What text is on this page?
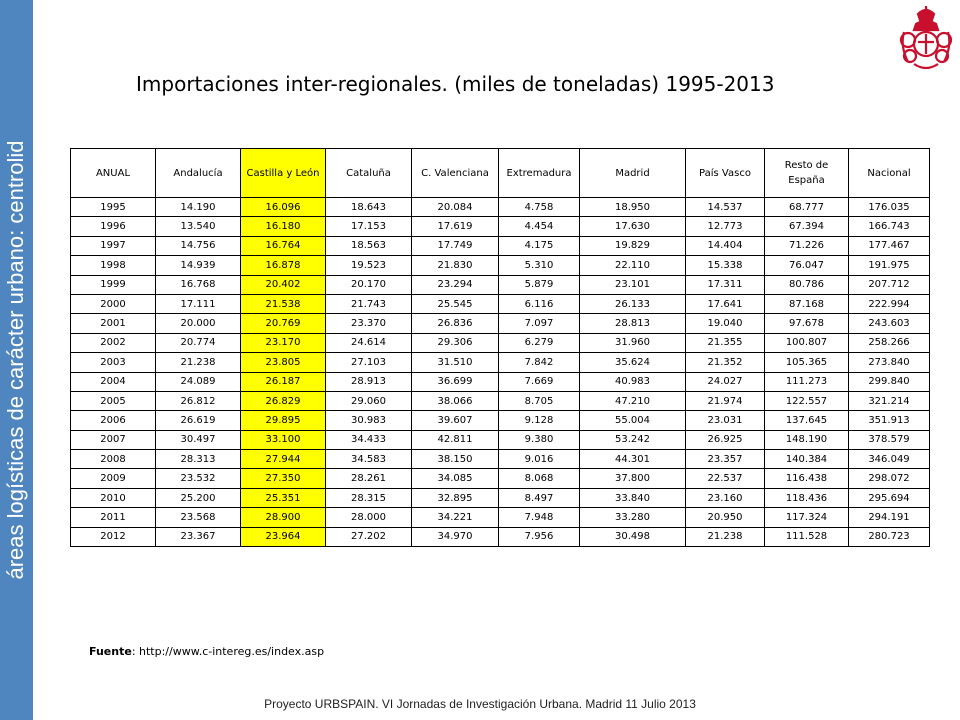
áreas logísticas de carácter urbano: centrolid
Importaciones inter-regionales. (miles de toneladas) 1995-2013
ANUAL	Andalucía	Castilla y León	Cataluña	C. Valenciana	Extremadura	Madrid	País Vasco	Resto de España	Nacional
1995	14.190	16.096	18.643	20.084	4.758	18.950	14.537	68.777	176.035
1996	13.540	16.180	17.153	17.619	4.454	17.630	12.773	67.394	166.743
1997	14.756	16.764	18.563	17.749	4.175	19.829	14.404	71.226	177.467
1998	14.939	16.878	19.523	21.830	5.310	22.110	15.338	76.047	191.975
1999	16.768	20.402	20.170	23.294	5.879	23.101	17.311	80.786	207.712
2000	17.111	21.538	21.743	25.545	6.116	26.133	17.641	87.168	222.994
2001	20.000	20.769	23.370	26.836	7.097	28.813	19.040	97.678	243.603
2002	20.774	23.170	24.614	29.306	6.279	31.960	21.355	100.807	258.266
2003	21.238	23.805	27.103	31.510	7.842	35.624	21.352	105.365	273.840
2004	24.089	26.187	28.913	36.699	7.669	40.983	24.027	111.273	299.840
2005	26.812	26.829	29.060	38.066	8.705	47.210	21.974	122.557	321.214
2006	26.619	29.895	30.983	39.607	9.128	55.004	23.031	137.645	351.913
2007	30.497	33.100	34.433	42.811	9.380	53.242	26.925	148.190	378.579
2008	28.313	27.944	34.583	38.150	9.016	44.301	23.357	140.384	346.049
2009	23.532	27.350	28.261	34.085	8.068	37.800	22.537	116.438	298.072
2010	25.200	25.351	28.315	32.895	8.497	33.840	23.160	118.436	295.694
2011	23.568	28.900	28.000	34.221	7.948	33.280	20.950	117.324	294.191
2012	23.367	23.964	27.202	34.970	7.956	30.498	21.238	111.528	280.723
Fuente: http://www.c-intereg.es/index.asp
Proyecto URBSPAIN. VI Jornadas de Investigación Urbana. Madrid 11 Julio 2013
